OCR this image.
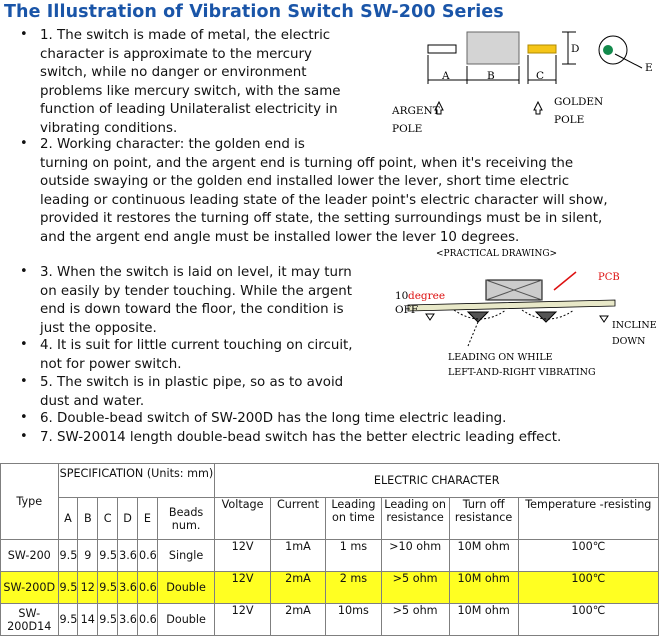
The Illustration of Vibration Switch SW-200 Series
• 1. The switch is made of metal, the electric
character is approximate to the mercury
switch, while no danger or environment
problems like mercury switch, with the same
function of leading Unilateralist electricity in
vibrating conditions.
• 2. Working character: the golden end is
turning on point, and the argent end is turning off point, when it's receiving the
outside swaying or the golden end installed lower the lever, short time electric
leading or continuous leading state of the leader point's electric character will show,
provided it restores the turning off state, the setting surroundings must be in silent,
and the argent end angle must be installed lower the lever 10 degrees.
• 3. When the switch is laid on level, it may turn
on easily by tender touching. While the argent
end is down toward the floor, the condition is
just the opposite.
• 4. It is suit for little current touching on circuit,
not for power switch.
• 5. The switch is in plastic pipe, so as to avoid
dust and water.
• 6. Double-bead switch of SW-200D has the long time electric leading.
• 7. SW-20014 length double-bead switch has the better electric leading effect.
A	B	C
D
E
ARGENT
POLE
GOLDEN
POLE
<PRACTICAL DRAWING>
PCB
10 degree
OFF
INCLINE
DOWN
LEADING ON WHILE
LEFT-AND-RIGHT VIBRATING
Type	SPECIFICATION (Units: mm)						ELECTRIC CHARACTER					
	A	B	C	D	E	Beads num.	Voltage	Current	Leading on time	Leading on resistance	Turn off resistance	Temperature -resisting
SW-200	9.5	9	9.5	3.6	0.6	Single	12V	1mA	1 ms	>10 ohm	10M ohm	100℃
SW-200D	9.5	12	9.5	3.6	0.6	Double	12V	2mA	2 ms	>5 ohm	10M ohm	100℃
SW-200D14	9.5	14	9.5	3.6	0.6	Double	12V	2mA	10ms	>5 ohm	10M ohm	100℃
